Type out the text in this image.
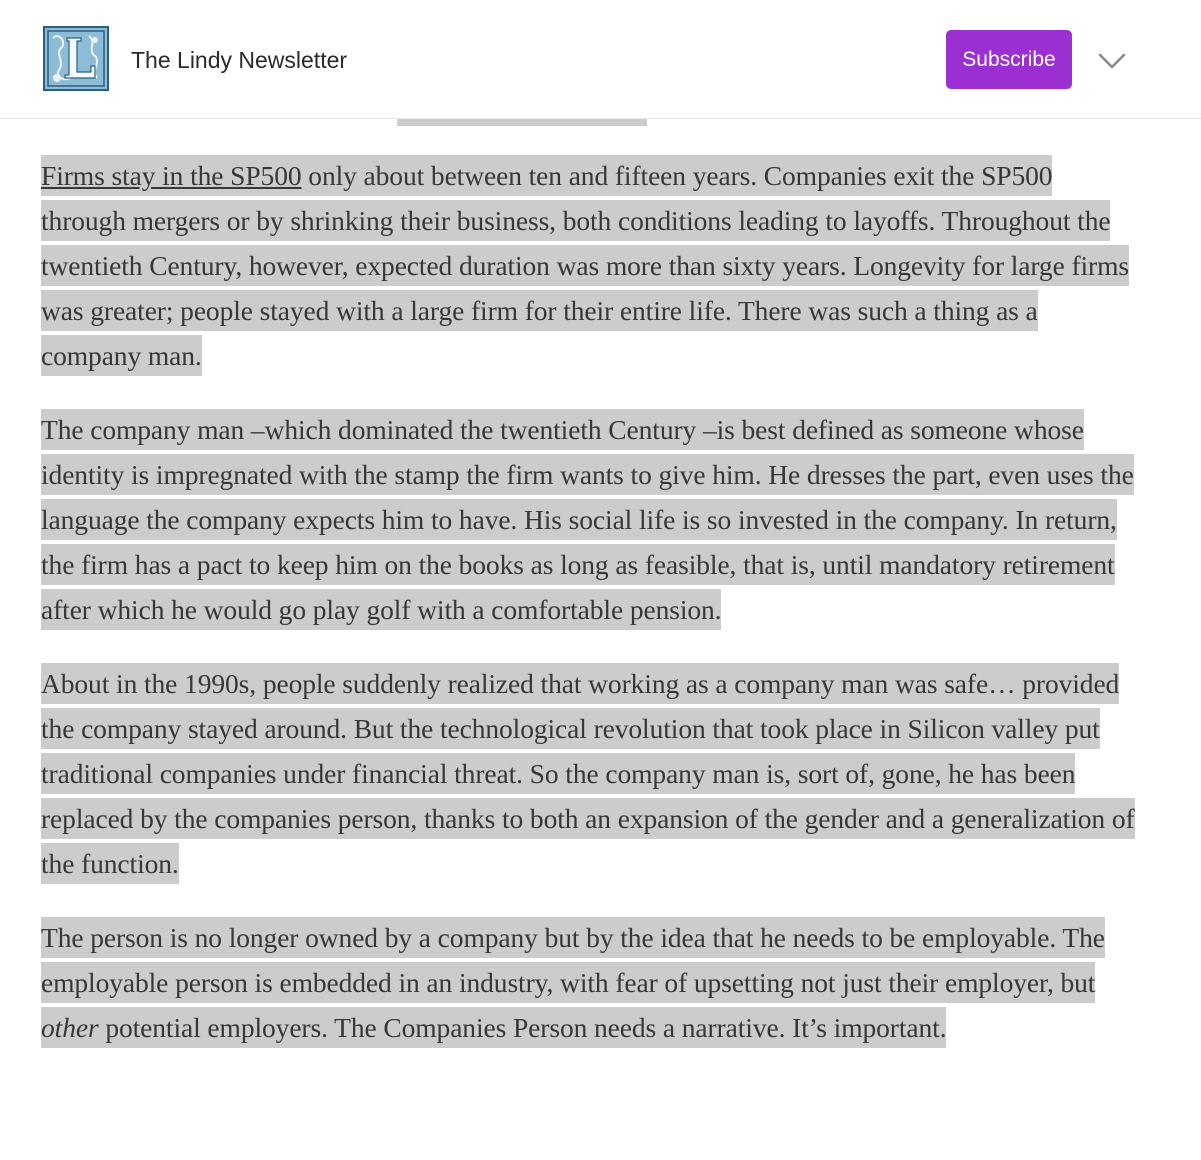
The Lindy Newsletter	Subscribe

Firms stay in the SP500 only about between ten and fifteen years. Companies exit the SP500 through mergers or by shrinking their business, both conditions leading to layoffs. Throughout the twentieth Century, however, expected duration was more than sixty years. Longevity for large firms was greater; people stayed with a large firm for their entire life. There was such a thing as a company man.

The company man –which dominated the twentieth Century –is best defined as someone whose identity is impregnated with the stamp the firm wants to give him. He dresses the part, even uses the language the company expects him to have. His social life is so invested in the company. In return, the firm has a pact to keep him on the books as long as feasible, that is, until mandatory retirement after which he would go play golf with a comfortable pension.

About in the 1990s, people suddenly realized that working as a company man was safe… provided the company stayed around. But the technological revolution that took place in Silicon valley put traditional companies under financial threat. So the company man is, sort of, gone, he has been replaced by the companies person, thanks to both an expansion of the gender and a generalization of the function.

The person is no longer owned by a company but by the idea that he needs to be employable. The employable person is embedded in an industry, with fear of upsetting not just their employer, but other potential employers. The Companies Person needs a narrative. It’s important.
